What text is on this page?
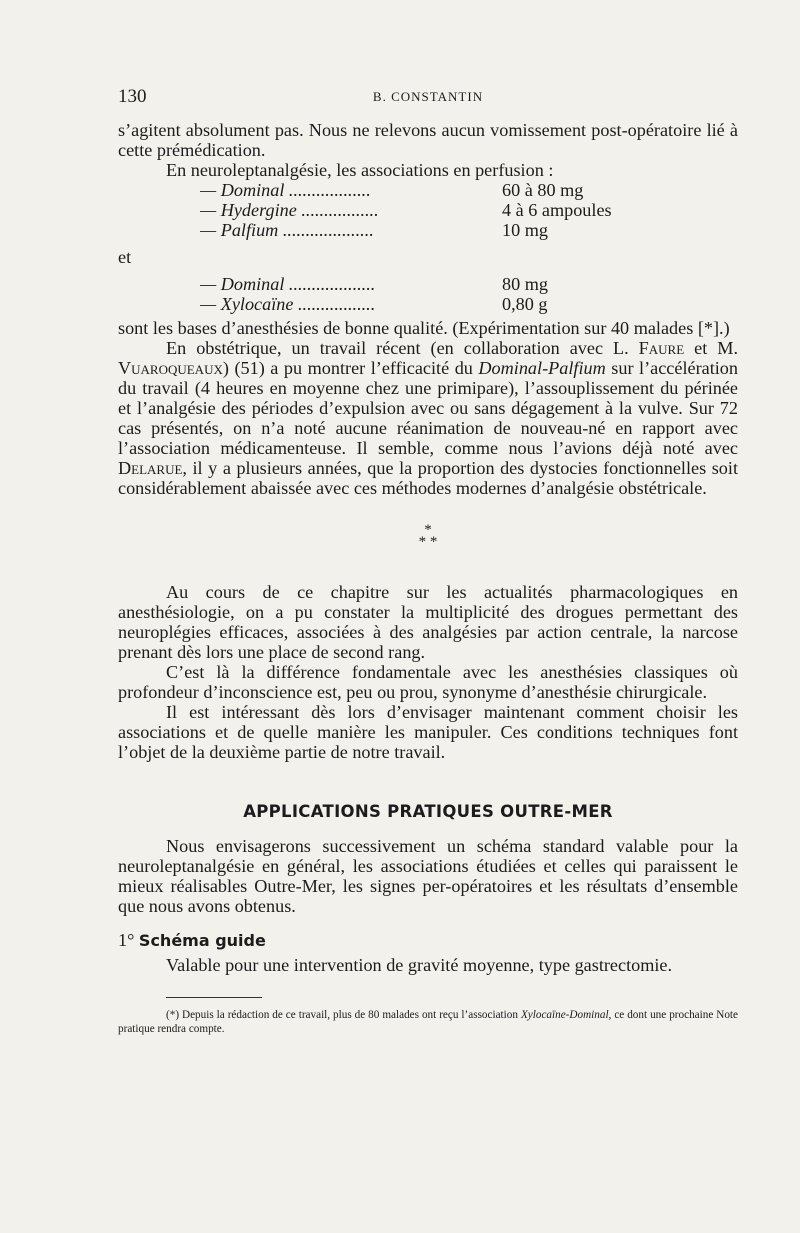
130	B. CONSTANTIN

s’agitent absolument pas. Nous ne relevons aucun vomissement post-opératoire lié à cette prémédication.

En neuroleptanalgésie, les associations en perfusion :

— Dominal ..................	60 à 80 mg
— Hydergine .................	4 à 6 ampoules
— Palfium ....................	10 mg
et
— Dominal ...................	80 mg
— Xylocaïne .................	0,80 g

sont les bases d’anesthésies de bonne qualité. (Expérimentation sur 40 malades [*].)

En obstétrique, un travail récent (en collaboration avec L. Faure et M. Vuaroqueaux) (51) a pu montrer l’efficacité du Dominal-Palfium sur l’accélération du travail (4 heures en moyenne chez une primipare), l’assouplissement du périnée et l’analgésie des périodes d’expulsion avec ou sans dégagement à la vulve. Sur 72 cas présentés, on n’a noté aucune réanimation de nouveau-né en rapport avec l’association médicamenteuse. Il semble, comme nous l’avions déjà noté avec Delarue, il y a plusieurs années, que la proportion des dystocies fonctionnelles soit considérablement abaissée avec ces méthodes modernes d’analgésie obstétricale.

*
* *

Au cours de ce chapitre sur les actualités pharmacologiques en anesthésiologie, on a pu constater la multiplicité des drogues permettant des neuroplégies efficaces, associées à des analgésies par action centrale, la narcose prenant dès lors une place de second rang.

C’est là la différence fondamentale avec les anesthésies classiques où profondeur d’inconscience est, peu ou prou, synonyme d’anesthésie chirurgicale.

Il est intéressant dès lors d’envisager maintenant comment choisir les associations et de quelle manière les manipuler. Ces conditions techniques font l’objet de la deuxième partie de notre travail.

APPLICATIONS PRATIQUES OUTRE-MER

Nous envisagerons successivement un schéma standard valable pour la neuroleptanalgésie en général, les associations étudiées et celles qui paraissent le mieux réalisables Outre-Mer, les signes per-opératoires et les résultats d’ensemble que nous avons obtenus.

1° Schéma guide

Valable pour une intervention de gravité moyenne, type gastrectomie.

(*) Depuis la rédaction de ce travail, plus de 80 malades ont reçu l’association Xylocaïne-Dominal, ce dont une prochaine Note pratique rendra compte.
